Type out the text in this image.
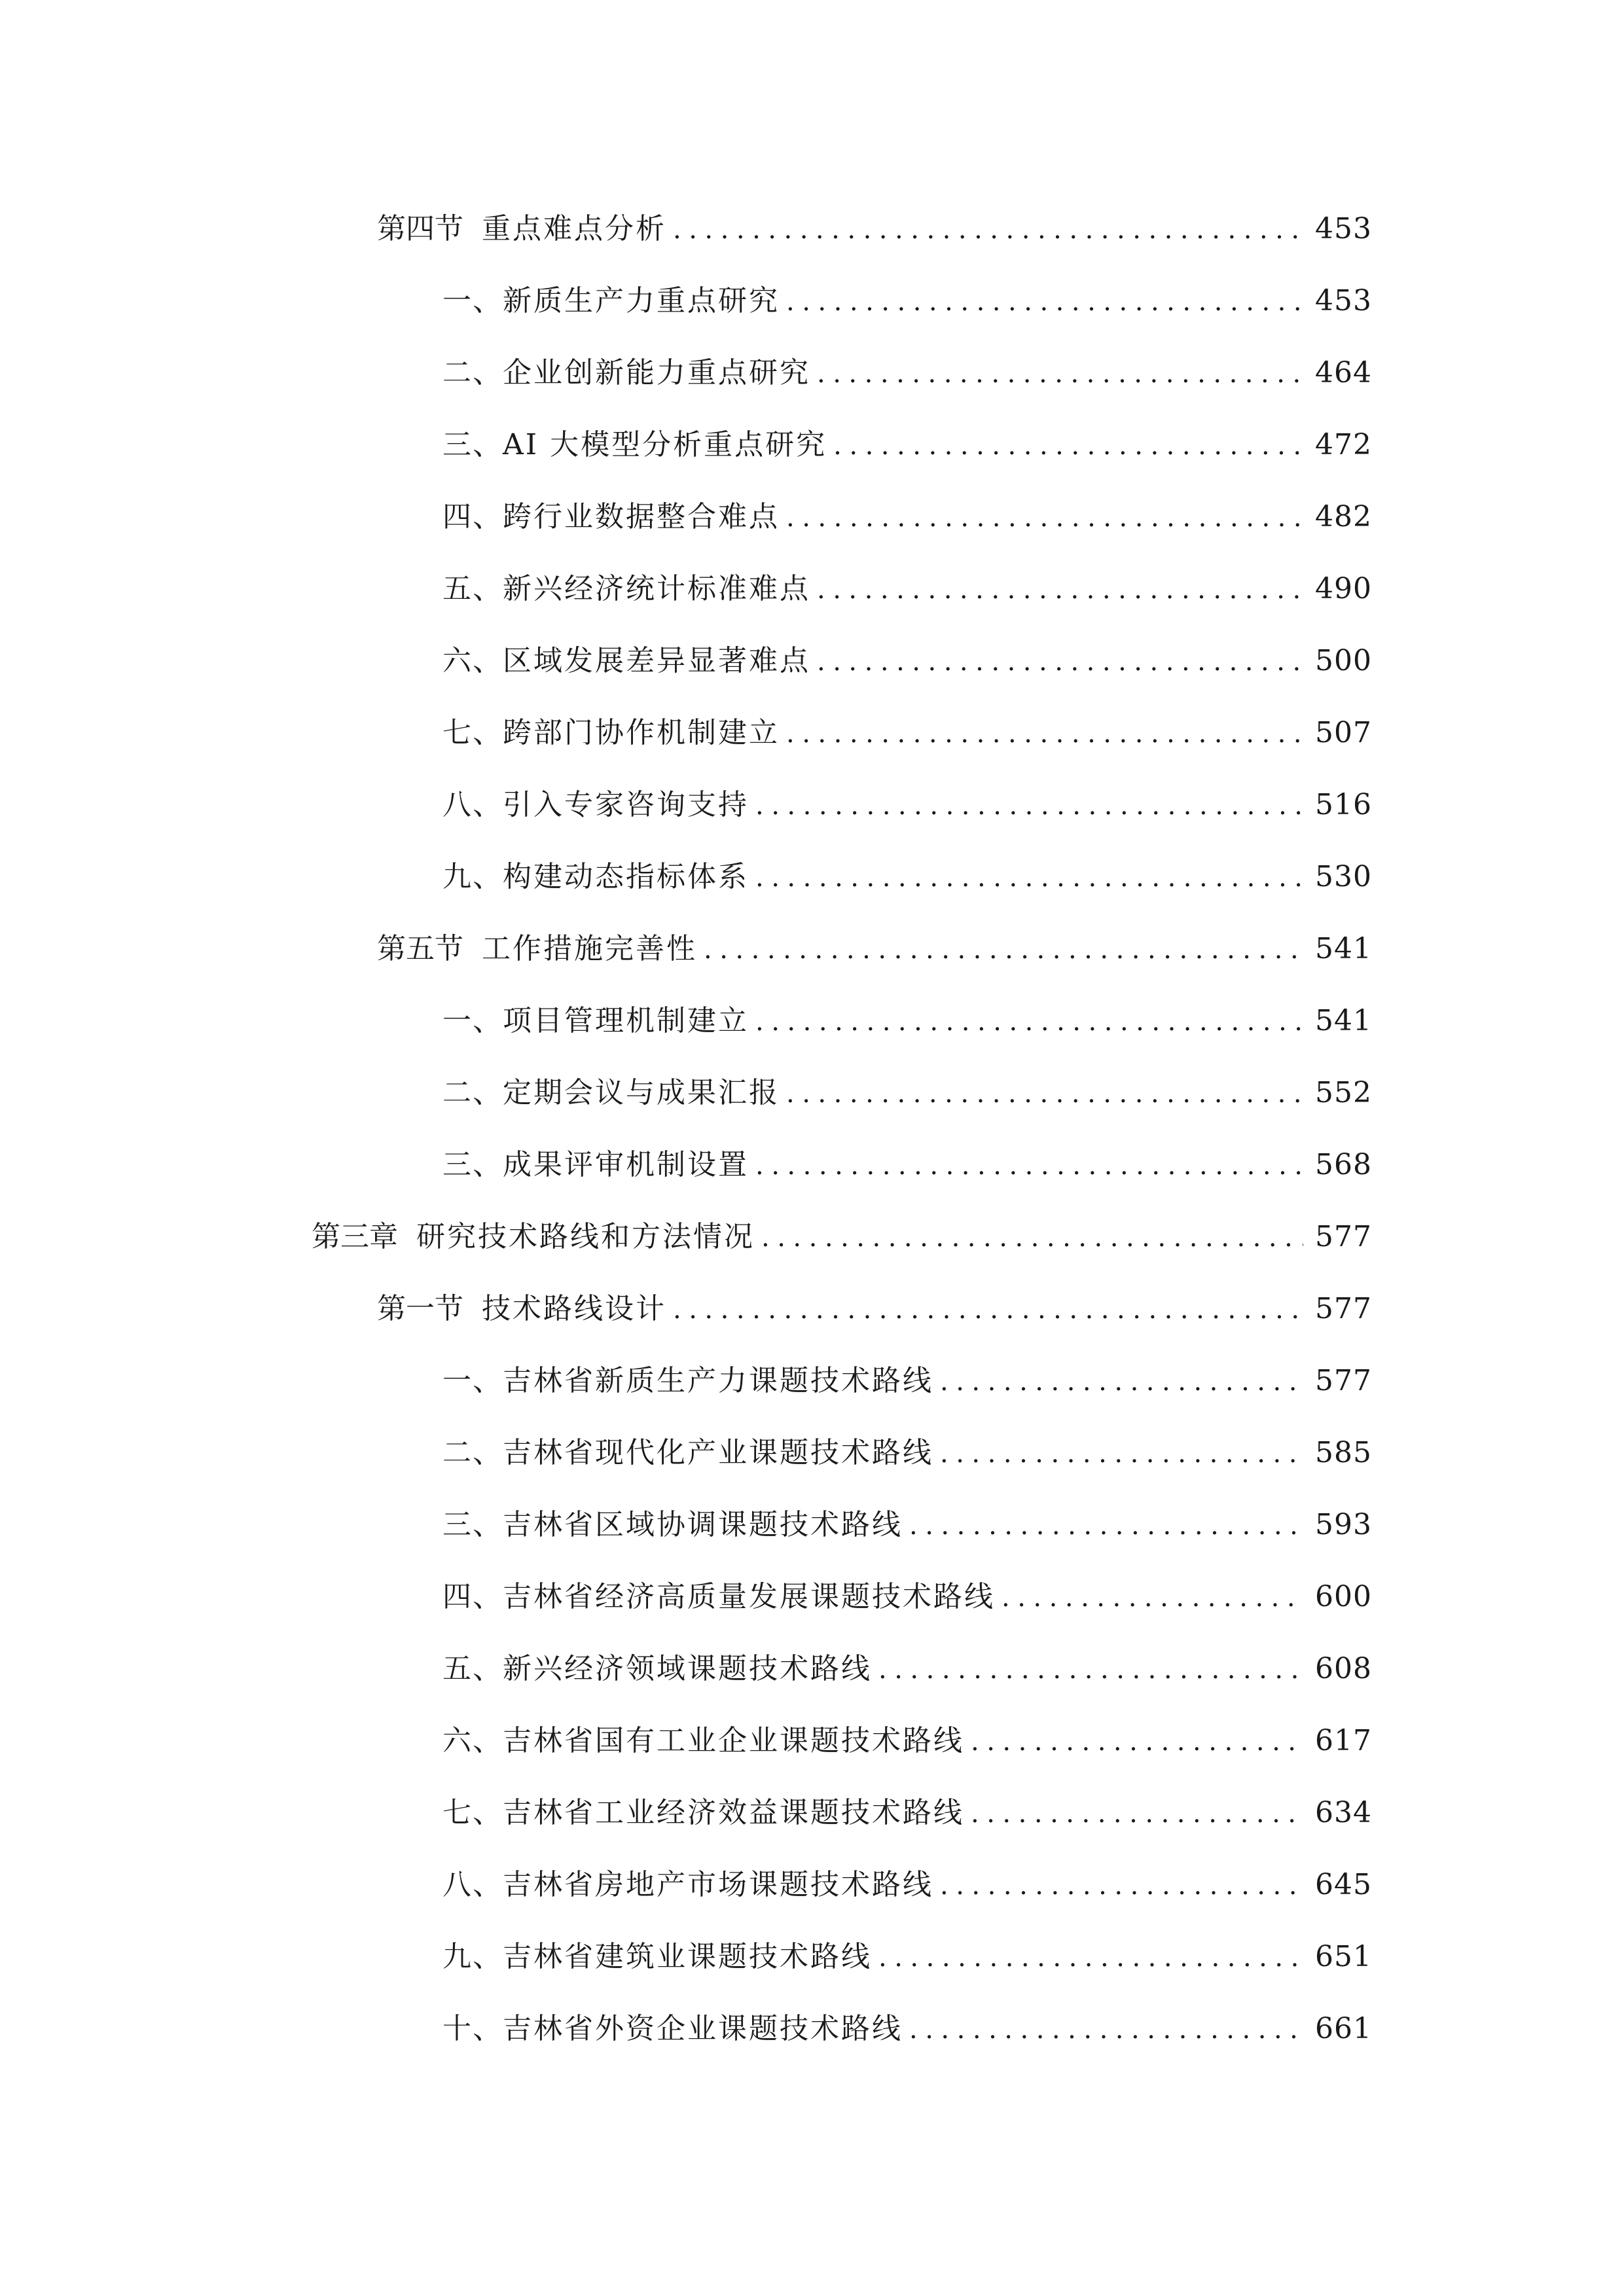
第四节 重点难点分析 .....	453
一、 新质生产力重点研究 .....	453
二、 企业创新能力重点研究 .....	464
三、 AI 大模型分析重点研究 .....	472
四、 跨行业数据整合难点 .....	482
五、 新兴经济统计标准难点 .....	490
六、 区域发展差异显著难点 .....	500
七、 跨部门协作机制建立 .....	507
八、 引入专家咨询支持 .....	516
九、 构建动态指标体系 .....	530
第五节 工作措施完善性 .....	541
一、 项目管理机制建立 .....	541
二、 定期会议与成果汇报 .....	552
三、 成果评审机制设置 .....	568
第三章 研究技术路线和方法情况 .....	577
第一节 技术路线设计 .....	577
一、 吉林省新质生产力课题技术路线 .....	577
二、 吉林省现代化产业课题技术路线 .....	585
三、 吉林省区域协调课题技术路线 .....	593
四、 吉林省经济高质量发展课题技术路线 .....	600
五、 新兴经济领域课题技术路线 .....	608
六、 吉林省国有工业企业课题技术路线 .....	617
七、 吉林省工业经济效益课题技术路线 .....	634
八、 吉林省房地产市场课题技术路线 .....	645
九、 吉林省建筑业课题技术路线 .....	651
十、 吉林省外资企业课题技术路线 .....	661
